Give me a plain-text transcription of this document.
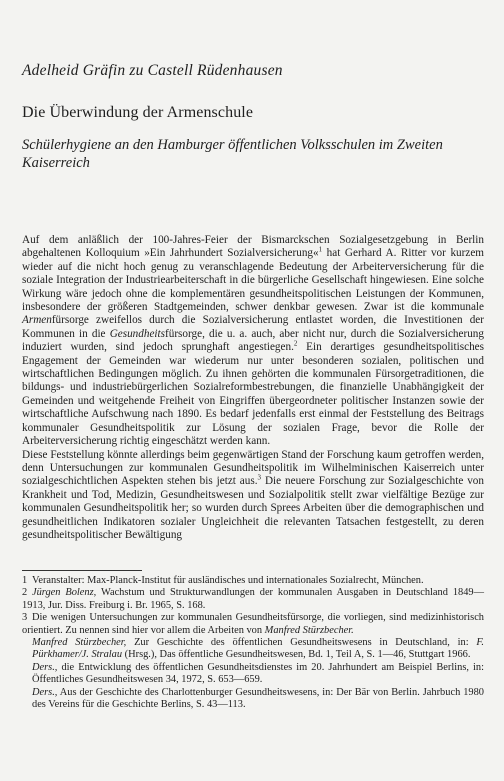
Adelheid Gräfin zu Castell Rüdenhausen
Die Überwindung der Armenschule
Schülerhygiene an den Hamburger öffentlichen Volksschulen im Zweiten Kaiserreich

Auf dem anläßlich der 100-Jahres-Feier der Bismarckschen Sozialgesetzgebung in Berlin abgehaltenen Kolloquium »Ein Jahrhundert Sozialversicherung«$^1$ hat Gerhard A. Ritter vor kurzem wieder auf die nicht hoch genug zu veranschlagende Bedeutung der Arbeiterversicherung für die soziale Integration der Industriearbeiterschaft in die bürgerliche Gesellschaft hingewiesen. Eine solche Wirkung wäre jedoch ohne die komplementären gesundheitspolitischen Leistungen der Kommunen, insbesondere der größeren Stadtgemeinden, schwer denkbar gewesen. Zwar ist die kommunale Armenfürsorge zweifellos durch die Sozialversicherung entlastet worden, die Investitionen der Kommunen in die Gesundheitsfürsorge, die u. a. auch, aber nicht nur, durch die Sozialversicherung induziert wurden, sind jedoch sprunghaft angestiegen.$^2$ Ein derartiges gesundheitspolitisches Engagement der Gemeinden war wiederum nur unter besonderen sozialen, politischen und wirtschaftlichen Bedingungen möglich. Zu ihnen gehörten die kommunalen Fürsorgetraditionen, die bildungs- und industriebürgerlichen Sozialreformbestrebungen, die finanzielle Unabhängigkeit der Gemeinden und weitgehende Freiheit von Eingriffen übergeordneter politischer Instanzen sowie der wirtschaftliche Aufschwung nach 1890. Es bedarf jedenfalls erst einmal der Feststellung des Beitrags kommunaler Gesundheitspolitik zur Lösung der sozialen Frage, bevor die Rolle der Arbeiterversicherung richtig eingeschätzt werden kann.

Diese Feststellung könnte allerdings beim gegenwärtigen Stand der Forschung kaum getroffen werden, denn Untersuchungen zur kommunalen Gesundheitspolitik im Wilhelminischen Kaiserreich unter sozialgeschichtlichen Aspekten stehen bis jetzt aus.$^3$ Die neuere Forschung zur Sozialgeschichte von Krankheit und Tod, Medizin, Gesundheitswesen und Sozialpolitik stellt zwar vielfältige Bezüge zur kommunalen Gesundheitspolitik her; so wurden durch Sprees Arbeiten über die demographischen und gesundheitlichen Indikatoren sozialer Ungleichheit die relevanten Tatsachen festgestellt, zu deren gesundheitspolitischer Bewältigung

1 Veranstalter: Max-Planck-Institut für ausländisches und internationales Sozialrecht, München.

2 Jürgen Bolenz, Wachstum und Strukturwandlungen der kommunalen Ausgaben in Deutschland 1849—1913, Jur. Diss. Freiburg i. Br. 1965, S. 168.

3 Die wenigen Untersuchungen zur kommunalen Gesundheitsfürsorge, die vorliegen, sind medizinhistorisch orientiert. Zu nennen sind hier vor allem die Arbeiten von Manfred Stürzbecher.

Manfred Stürzbecher, Zur Geschichte des öffentlichen Gesundheitswesens in Deutschland, in: F. Pürkhamer/J. Stralau (Hrsg.), Das öffentliche Gesundheitswesen, Bd. 1, Teil A, S. 1—46, Stuttgart 1966.

Ders., die Entwicklung des öffentlichen Gesundheitsdienstes im 20. Jahrhundert am Beispiel Berlins, in: Öffentliches Gesundheitswesen 34, 1972, S. 653—659.

Ders., Aus der Geschichte des Charlottenburger Gesundheitswesens, in: Der Bär von Berlin. Jahrbuch 1980 des Vereins für die Geschichte Berlins, S. 43—113.
